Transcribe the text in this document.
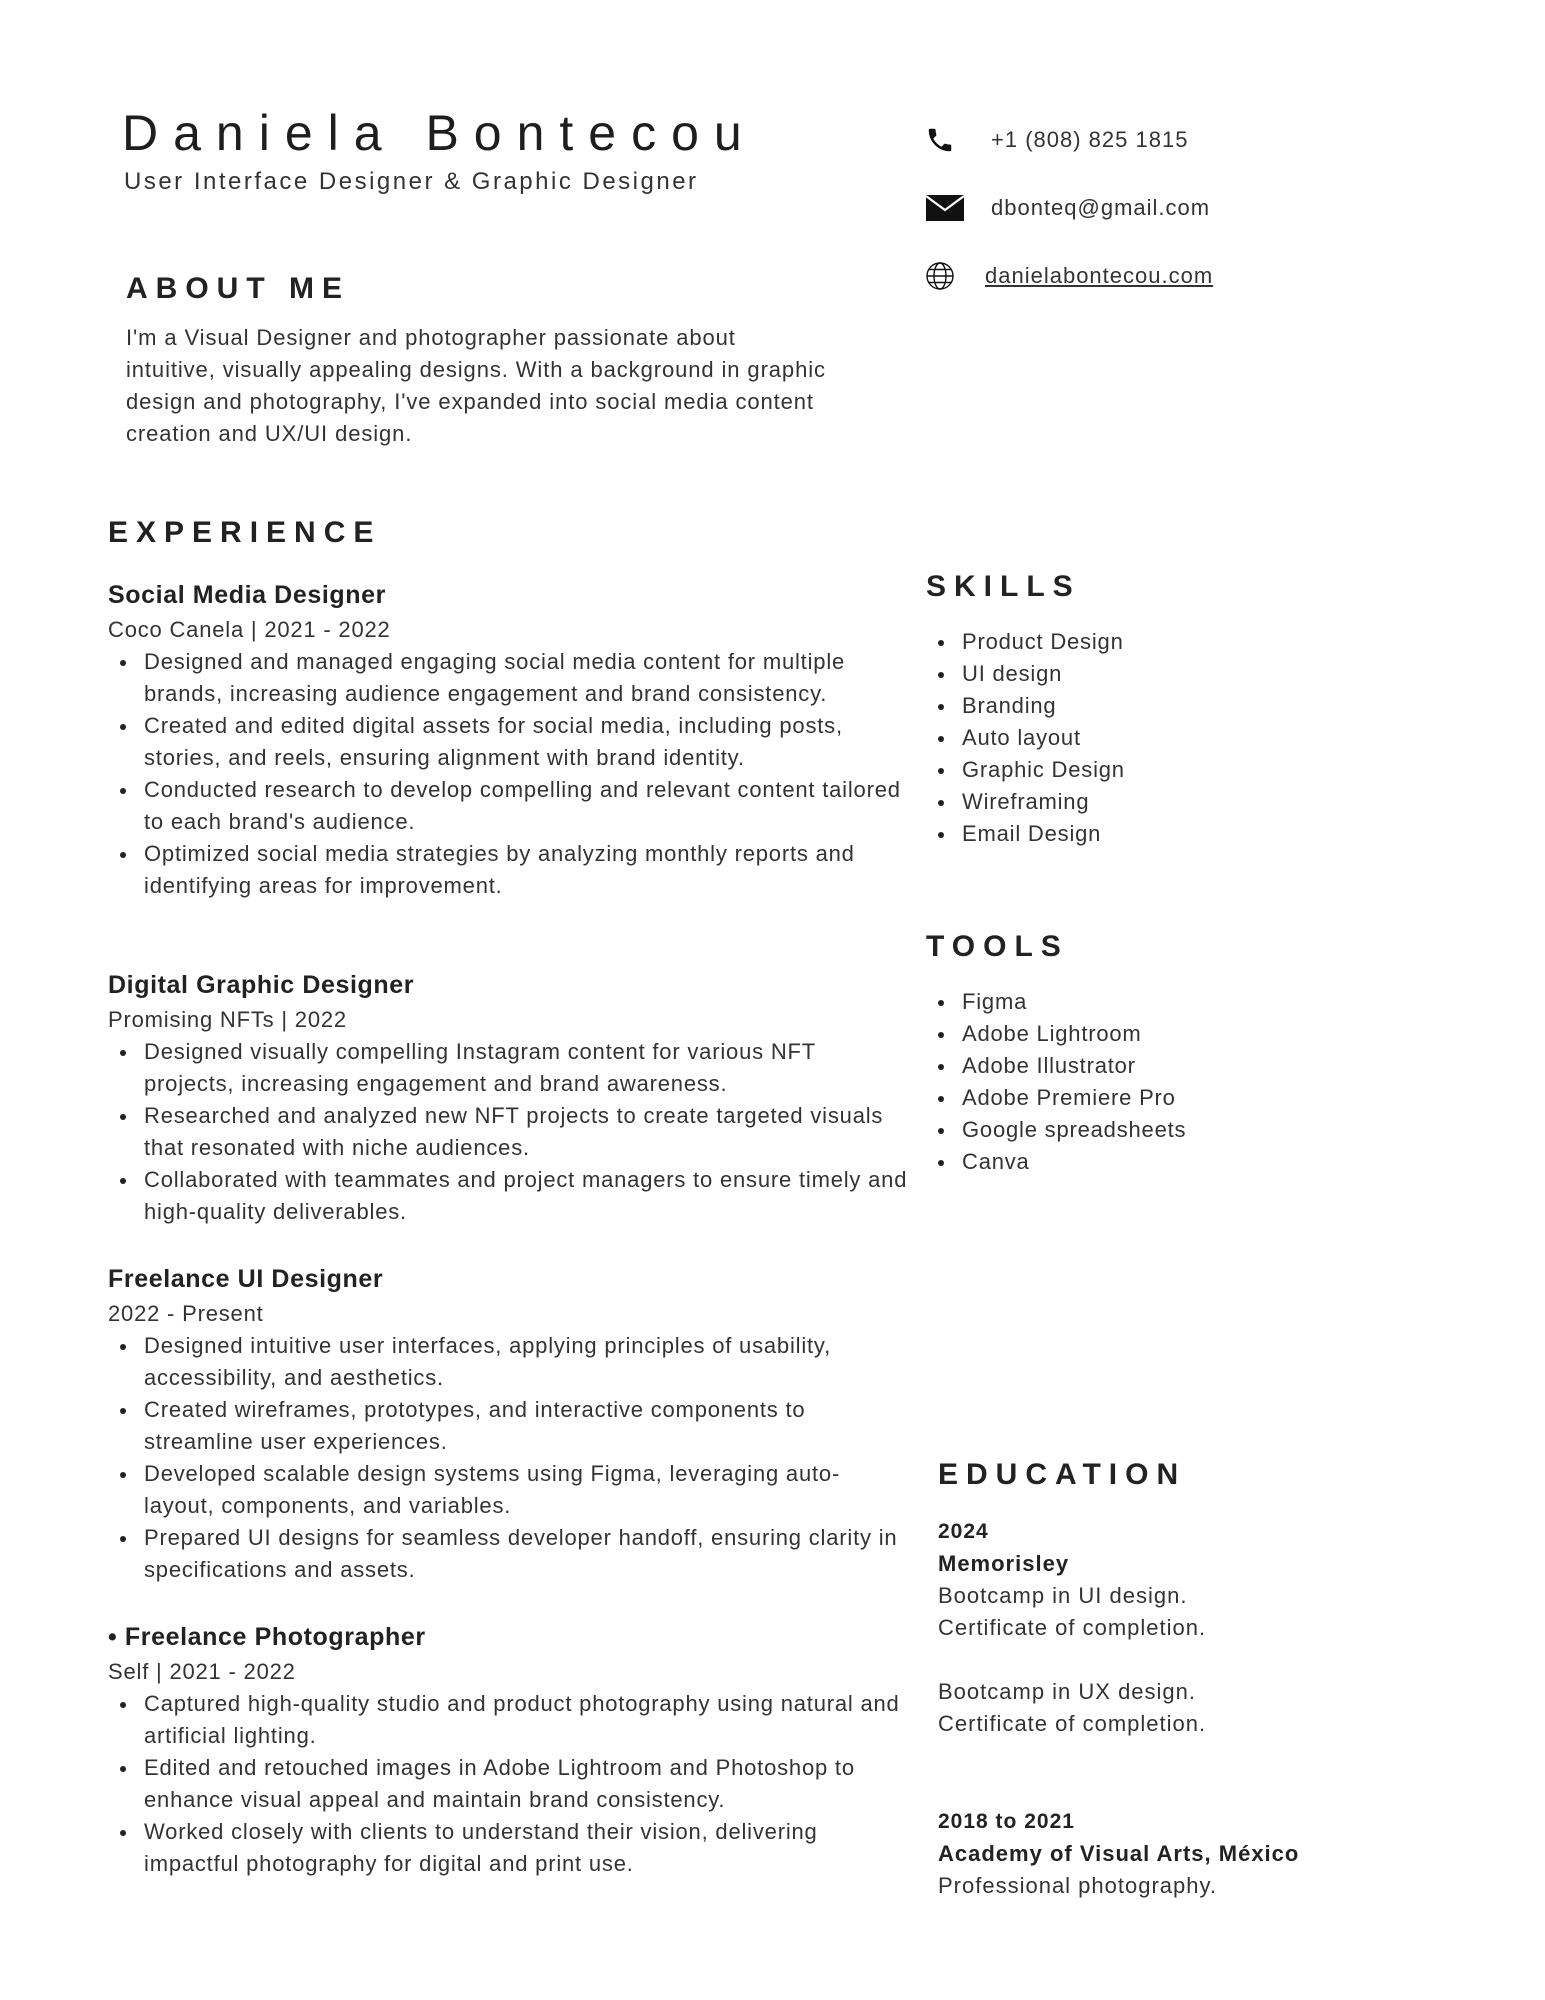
Daniela Bontecou
User Interface Designer & Graphic Designer
+1 (808) 825 1815
dbonteq@gmail.com
danielabontecou.com
ABOUT ME
I'm a Visual Designer and photographer passionate about intuitive, visually appealing designs. With a background in graphic design and photography, I've expanded into social media content creation and UX/UI design.
EXPERIENCE
Social Media Designer
Coco Canela | 2021 - 2022
Designed and managed engaging social media content for multiple brands, increasing audience engagement and brand consistency.
Created and edited digital assets for social media, including posts, stories, and reels, ensuring alignment with brand identity.
Conducted research to develop compelling and relevant content tailored to each brand's audience.
Optimized social media strategies by analyzing monthly reports and identifying areas for improvement.
Digital Graphic Designer
Promising NFTs | 2022
Designed visually compelling Instagram content for various NFT projects, increasing engagement and brand awareness.
Researched and analyzed new NFT projects to create targeted visuals that resonated with niche audiences.
Collaborated with teammates and project managers to ensure timely and high-quality deliverables.
Freelance UI Designer
2022 - Present
Designed intuitive user interfaces, applying principles of usability, accessibility, and aesthetics.
Created wireframes, prototypes, and interactive components to streamline user experiences.
Developed scalable design systems using Figma, leveraging auto-layout, components, and variables.
Prepared UI designs for seamless developer handoff, ensuring clarity in specifications and assets.
• Freelance Photographer
Self | 2021 - 2022
Captured high-quality studio and product photography using natural and artificial lighting.
Edited and retouched images in Adobe Lightroom and Photoshop to enhance visual appeal and maintain brand consistency.
Worked closely with clients to understand their vision, delivering impactful photography for digital and print use.
SKILLS
Product Design
UI design
Branding
Auto layout
Graphic Design
Wireframing
Email Design
TOOLS
Figma
Adobe Lightroom
Adobe Illustrator
Adobe Premiere Pro
Google spreadsheets
Canva
EDUCATION
2024
Memorisley
Bootcamp in UI design.
Certificate of completion.
Bootcamp in UX design.
Certificate of completion.
2018 to 2021
Academy of Visual Arts, México
Professional photography.
